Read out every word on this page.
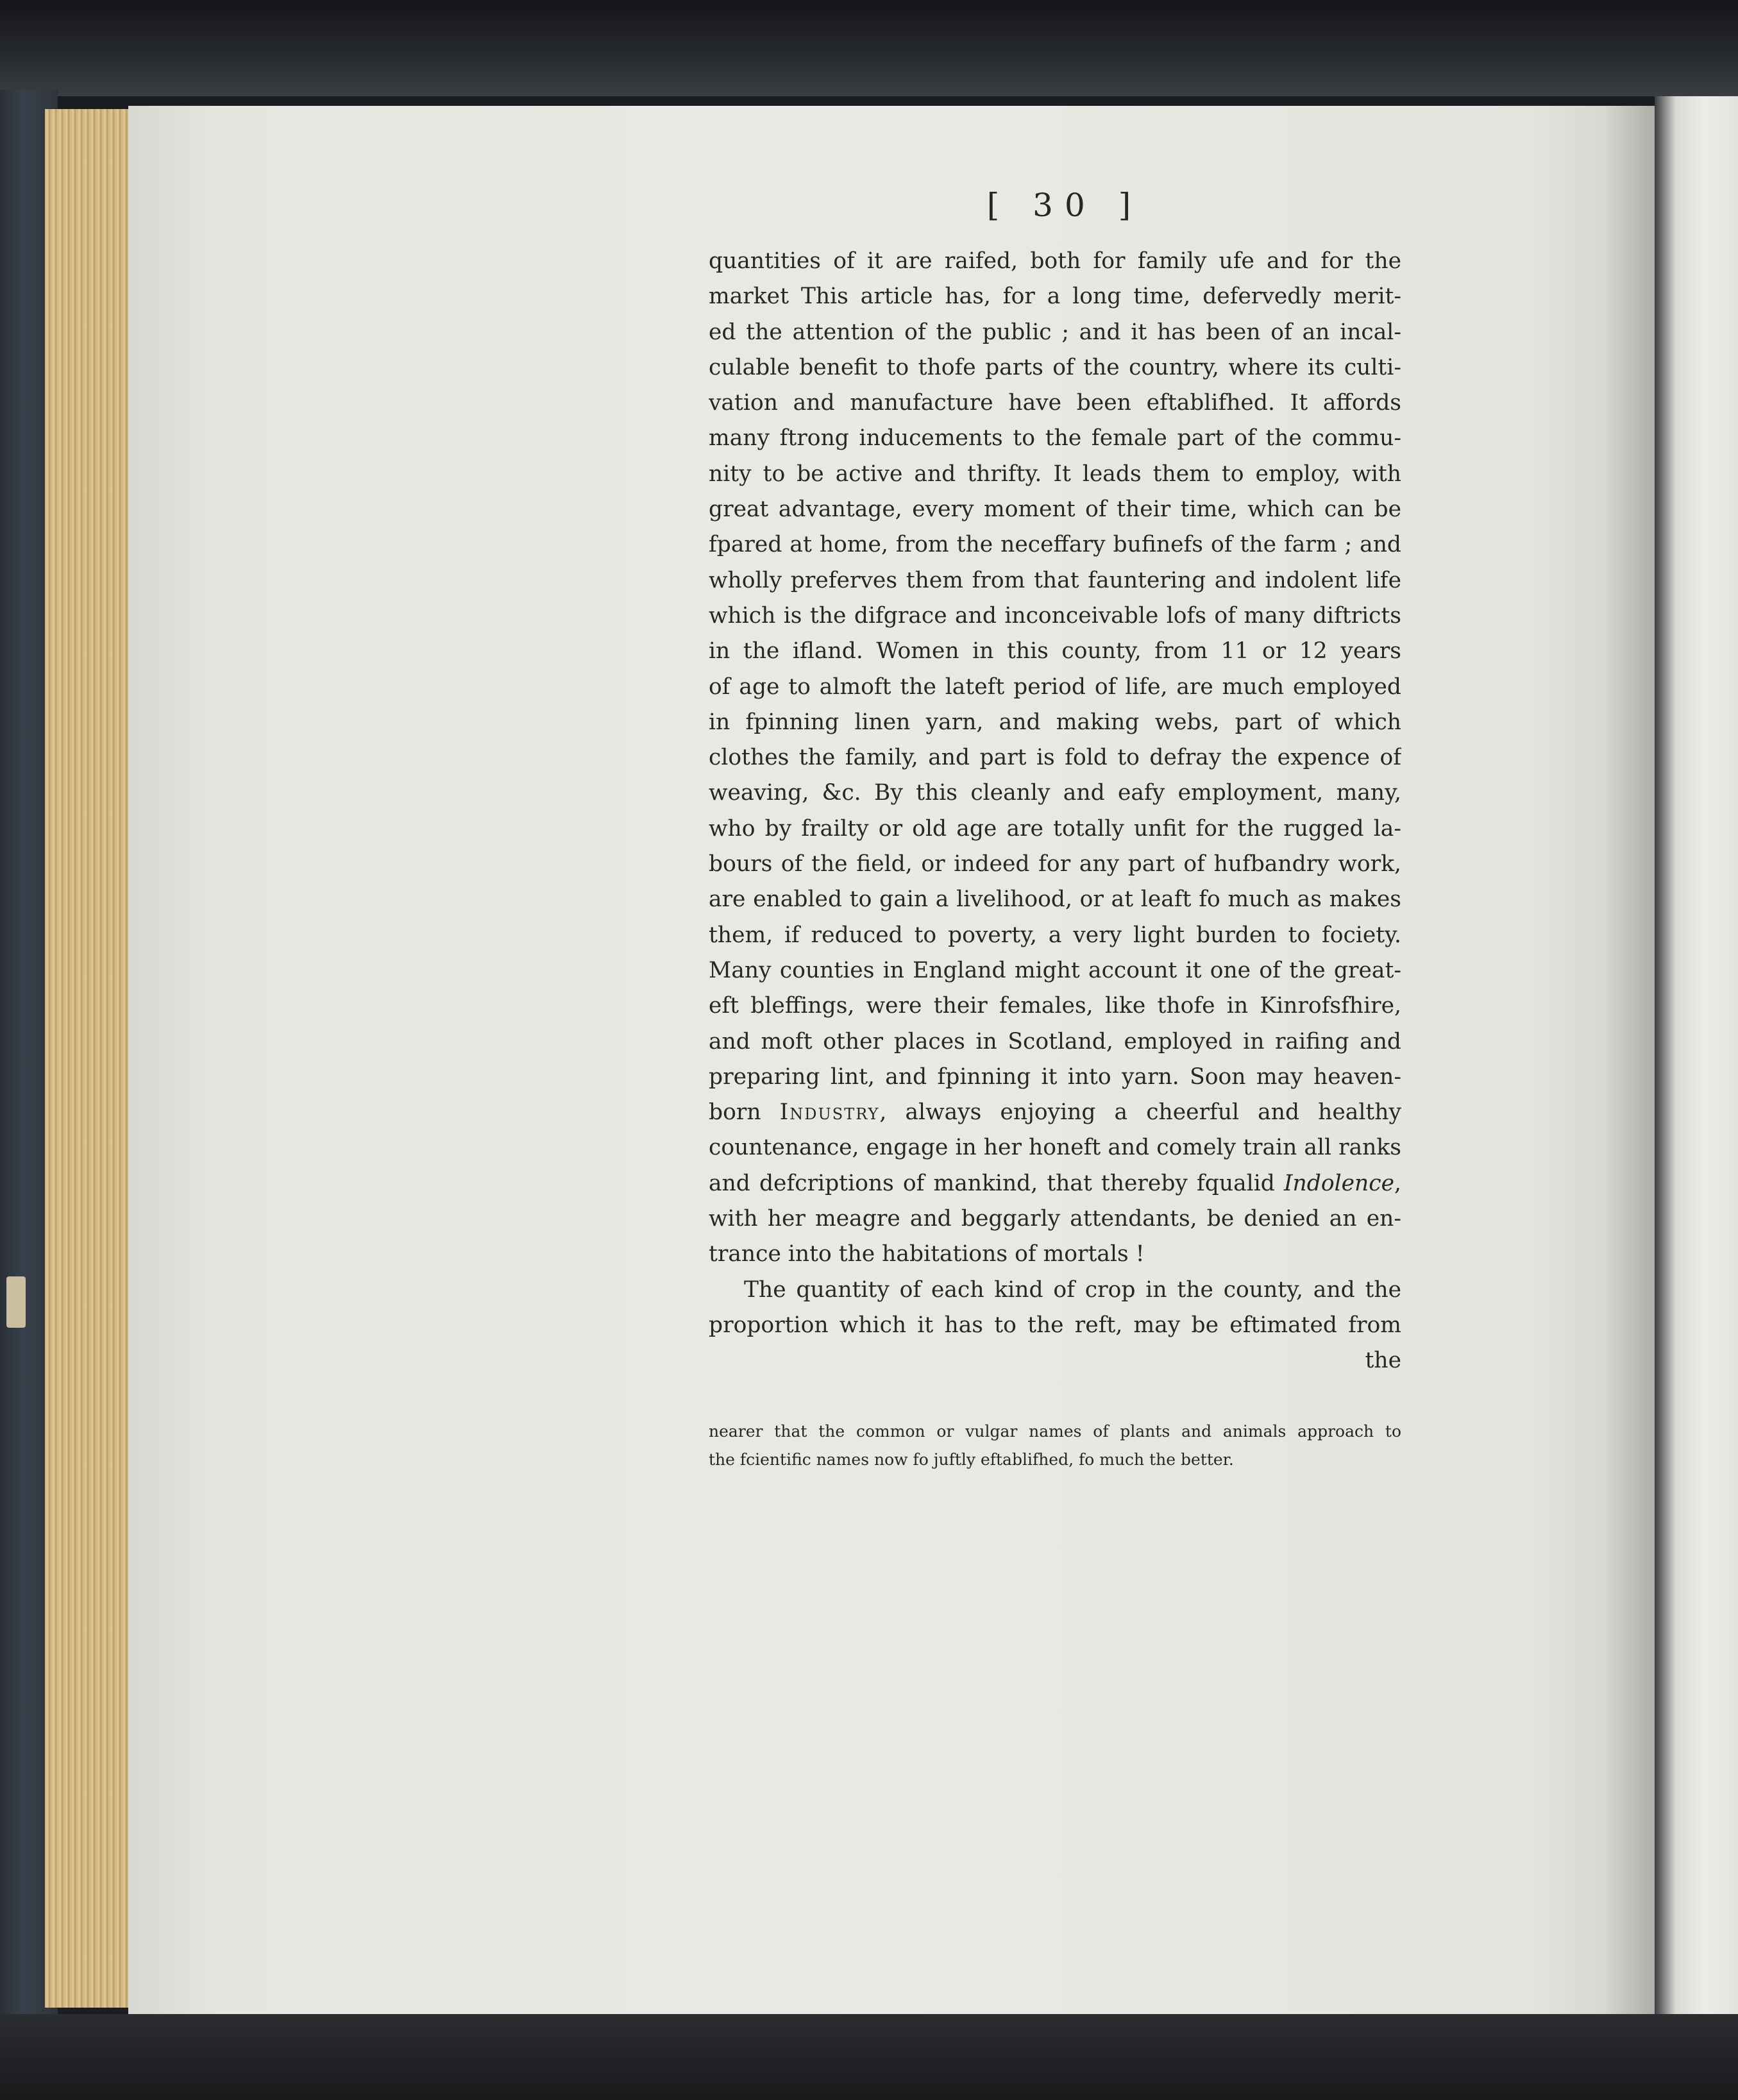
[ 30 ]
quantities of it are raifed, both for family ufe and for the
market This article has, for a long time, defervedly merit-
ed the attention of the public ; and it has been of an incal-
culable benefit to thofe parts of the country, where its culti-
vation and manufacture have been eftablifhed. It affords
many ftrong inducements to the female part of the commu-
nity to be active and thrifty. It leads them to employ, with
great advantage, every moment of their time, which can be
fpared at home, from the neceffary bufinefs of the farm ; and
wholly preferves them from that fauntering and indolent life
which is the difgrace and inconceivable lofs of many diftricts
in the ifland. Women in this county, from 11 or 12 years
of age to almoft the lateft period of life, are much employed
in fpinning linen yarn, and making webs, part of which
clothes the family, and part is fold to defray the expence of
weaving, &c. By this cleanly and eafy employment, many,
who by frailty or old age are totally unfit for the rugged la-
bours of the field, or indeed for any part of hufbandry work,
are enabled to gain a livelihood, or at leaft fo much as makes
them, if reduced to poverty, a very light burden to fociety.
Many counties in England might account it one of the great-
eft bleffings, were their females, like thofe in Kinrofsfhire,
and moft other places in Scotland, employed in raifing and
preparing lint, and fpinning it into yarn. Soon may heaven-
born Industry, always enjoying a cheerful and healthy
countenance, engage in her honeft and comely train all ranks
and defcriptions of mankind, that thereby fqualid Indolence,
with her meagre and beggarly attendants, be denied an en-
trance into the habitations of mortals !
The quantity of each kind of crop in the county, and the
proportion which it has to the reft, may be eftimated from
the
nearer that the common or vulgar names of plants and animals approach to
the fcientific names now fo juftly eftablifhed, fo much the better.
